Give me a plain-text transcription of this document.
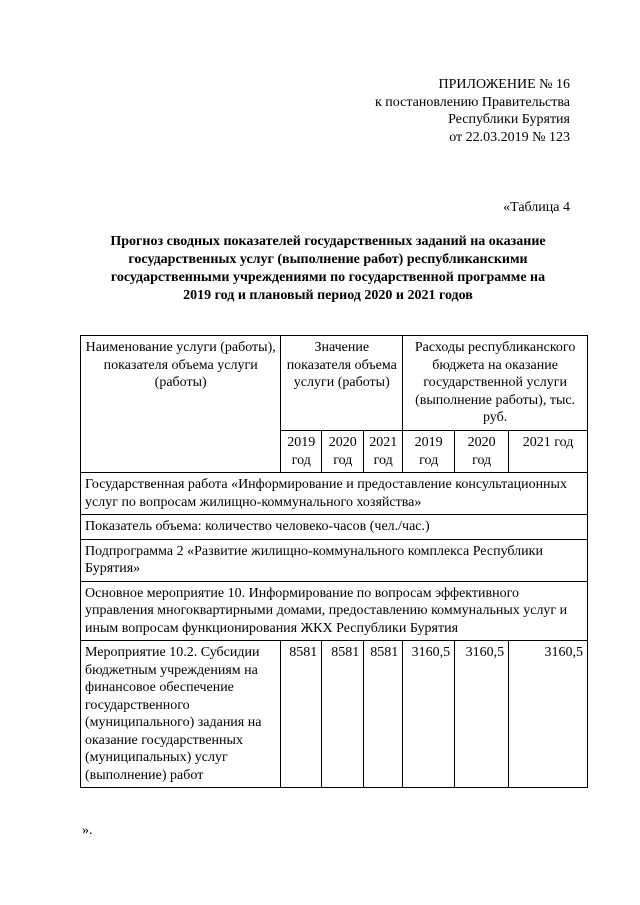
ПРИЛОЖЕНИЕ № 16
к постановлению Правительства
Республики Бурятия
от 22.03.2019 № 123
«Таблица 4
Прогноз сводных показателей государственных заданий на оказание государственных услуг (выполнение работ) республиканскими государственными учреждениями по государственной программе на 2019 год и плановый период 2020 и 2021 годов
Наименование услуги (работы), показателя объема услуги (работы)	Значение показателя объема услуги (работы)			Расходы республиканского бюджета на оказание государственной услуги (выполнение работы), тыс. руб.		
	2019 год	2020 год	2021 год	2019 год	2020 год	2021 год
Государственная работа «Информирование и предоставление консультационных услуг по вопросам жилищно-коммунального хозяйства»						
Показатель объема: количество человеко-часов (чел./час.)						
Подпрограмма 2 «Развитие жилищно-коммунального комплекса Республики Бурятия»						
Основное мероприятие 10. Информирование по вопросам эффективного управления многоквартирными домами, предоставлению коммунальных услуг и иным вопросам функционирования ЖКХ Республики Бурятия						
Мероприятие 10.2. Субсидии бюджетным учреждениям на финансовое обеспечение государственного (муниципального) задания на оказание государственных (муниципальных) услуг (выполнение) работ	8581	8581	8581	3160,5	3160,5	3160,5
».
